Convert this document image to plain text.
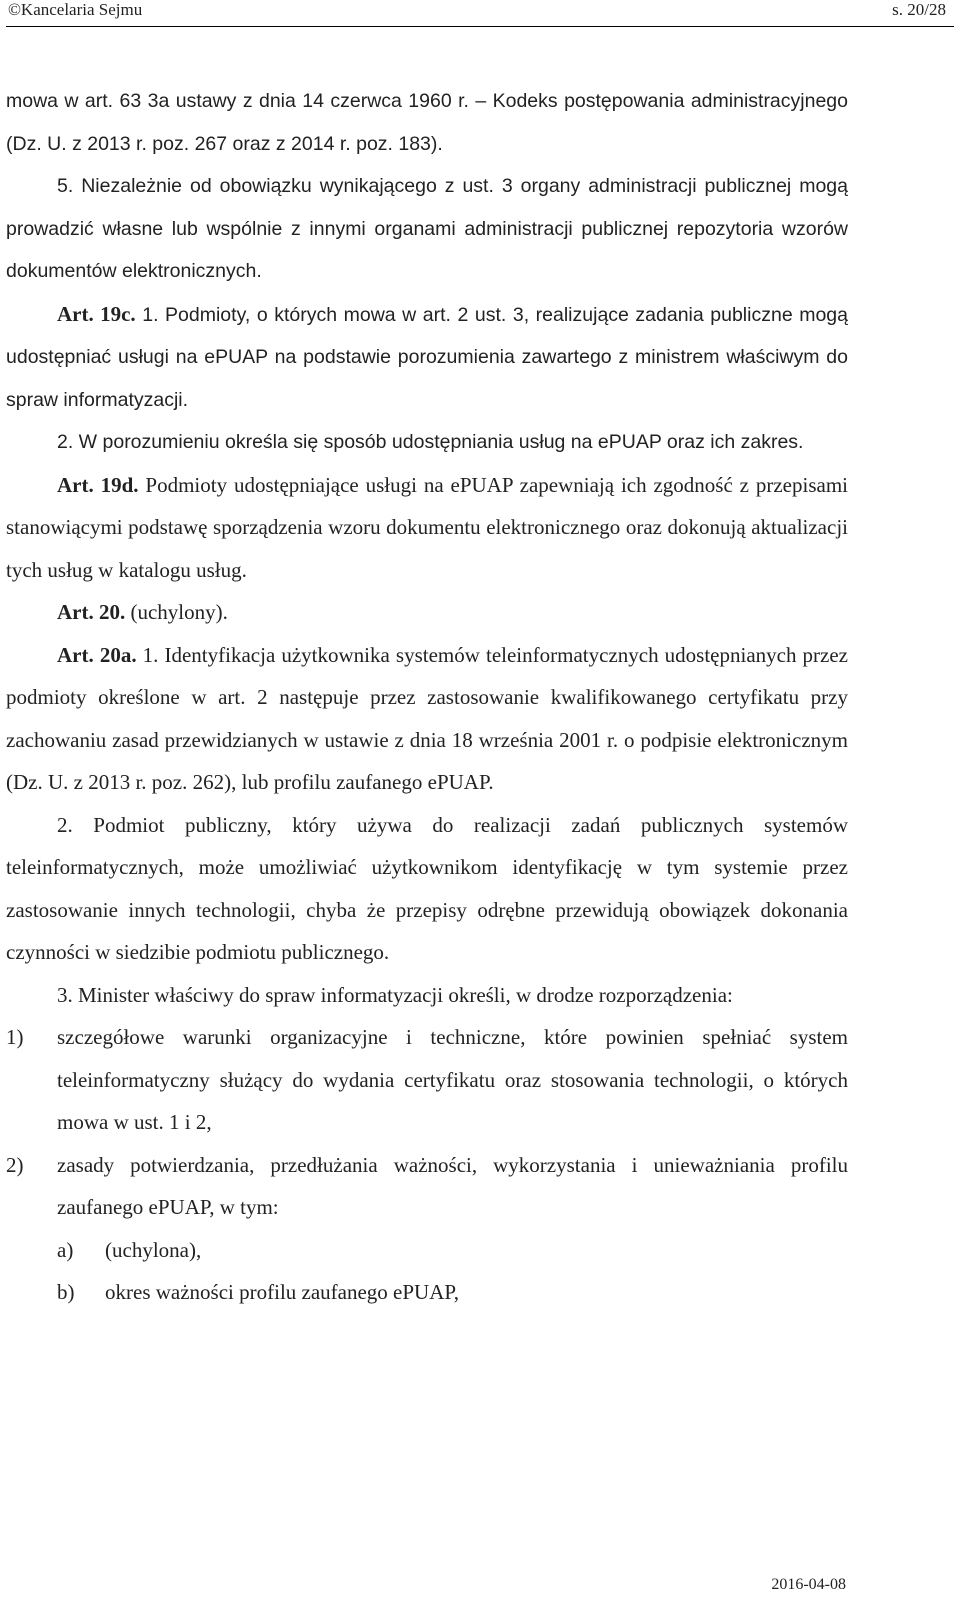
©Kancelaria Sejmu	s. 20/28

mowa w art. 63 3a ustawy z dnia 14 czerwca 1960 r. – Kodeks postępowania administracyjnego (Dz. U. z 2013 r. poz. 267 oraz z 2014 r. poz. 183).

5. Niezależnie od obowiązku wynikającego z ust. 3 organy administracji publicznej mogą prowadzić własne lub wspólnie z innymi organami administracji publicznej repozytoria wzorów dokumentów elektronicznych.

Art. 19c. 1. Podmioty, o których mowa w art. 2 ust. 3, realizujące zadania publiczne mogą udostępniać usługi na ePUAP na podstawie porozumienia zawartego z ministrem właściwym do spraw informatyzacji.

2. W porozumieniu określa się sposób udostępniania usług na ePUAP oraz ich zakres.

Art. 19d. Podmioty udostępniające usługi na ePUAP zapewniają ich zgodność z przepisami stanowiącymi podstawę sporządzenia wzoru dokumentu elektronicznego oraz dokonują aktualizacji tych usług w katalogu usług.

Art. 20. (uchylony).

Art. 20a. 1. Identyfikacja użytkownika systemów teleinformatycznych udostępnianych przez podmioty określone w art. 2 następuje przez zastosowanie kwalifikowanego certyfikatu przy zachowaniu zasad przewidzianych w ustawie z dnia 18 września 2001 r. o podpisie elektronicznym (Dz. U. z 2013 r. poz. 262), lub profilu zaufanego ePUAP.

2. Podmiot publiczny, który używa do realizacji zadań publicznych systemów teleinformatycznych, może umożliwiać użytkownikom identyfikację w tym systemie przez zastosowanie innych technologii, chyba że przepisy odrębne przewidują obowiązek dokonania czynności w siedzibie podmiotu publicznego.

3. Minister właściwy do spraw informatyzacji określi, w drodze rozporządzenia:

1) szczegółowe warunki organizacyjne i techniczne, które powinien spełniać system teleinformatyczny służący do wydania certyfikatu oraz stosowania technologii, o których mowa w ust. 1 i 2,
2) zasady potwierdzania, przedłużania ważności, wykorzystania i unieważniania profilu zaufanego ePUAP, w tym:
a) (uchylona),
b) okres ważności profilu zaufanego ePUAP,
2016-04-08
